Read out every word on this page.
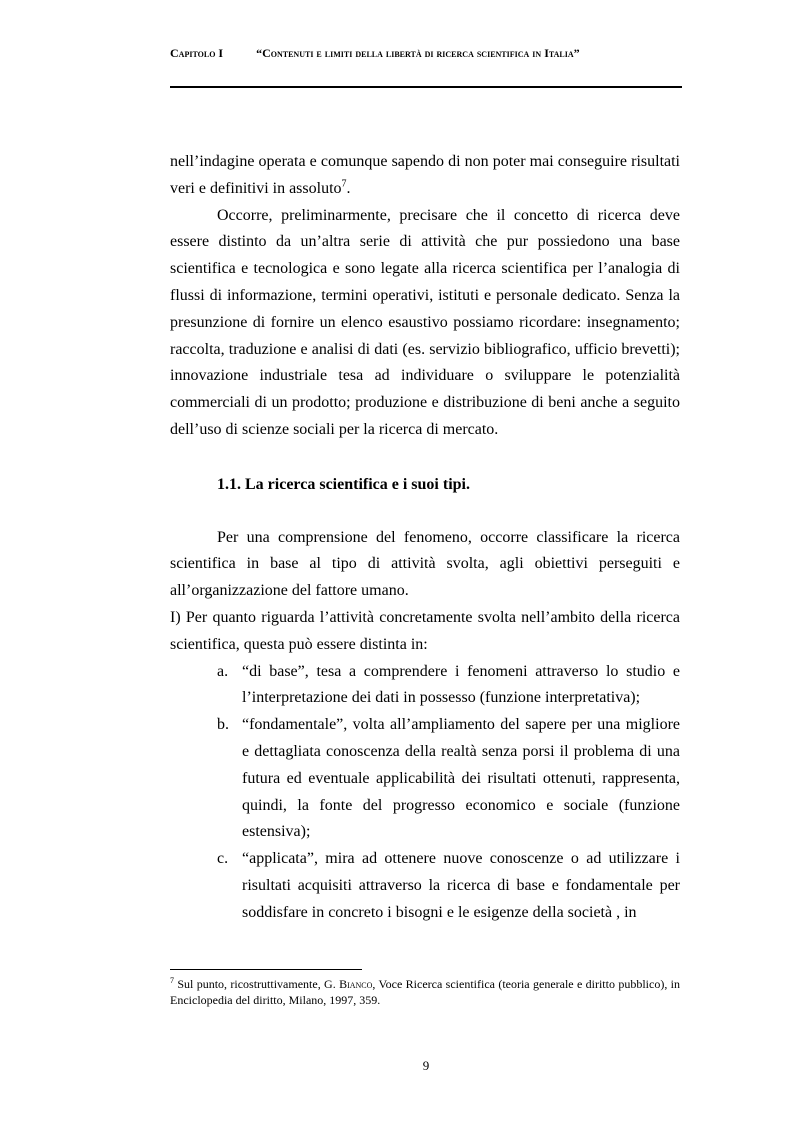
Capitolo I	“Contenuti e limiti della libertà di ricerca scientifica in Italia”

nell’indagine operata e comunque sapendo di non poter mai conseguire risultati veri e definitivi in assoluto$^7$.

Occorre, preliminarmente, precisare che il concetto di ricerca deve essere distinto da un’altra serie di attività che pur possiedono una base scientifica e tecnologica e sono legate alla ricerca scientifica per l’analogia di flussi di informazione, termini operativi, istituti e personale dedicato. Senza la presunzione di fornire un elenco esaustivo possiamo ricordare: insegnamento; raccolta, traduzione e analisi di dati (es. servizio bibliografico, ufficio brevetti); innovazione industriale tesa ad individuare o sviluppare le potenzialità commerciali di un prodotto; produzione e distribuzione di beni anche a seguito dell’uso di scienze sociali per la ricerca di mercato.

1.1. La ricerca scientifica e i suoi tipi.

Per una comprensione del fenomeno, occorre classificare la ricerca scientifica in base al tipo di attività svolta, agli obiettivi perseguiti e all’organizzazione del fattore umano.

I) Per quanto riguarda l’attività concretamente svolta nell’ambito della ricerca scientifica, questa può essere distinta in:

a. “di base”, tesa a comprendere i fenomeni attraverso lo studio e l’interpretazione dei dati in possesso (funzione interpretativa);
b. “fondamentale”, volta all’ampliamento del sapere per una migliore e dettagliata conoscenza della realtà senza porsi il problema di una futura ed eventuale applicabilità dei risultati ottenuti, rappresenta, quindi, la fonte del progresso economico e sociale (funzione estensiva);
c. “applicata”, mira ad ottenere nuove conoscenze o ad utilizzare i risultati acquisiti attraverso la ricerca di base e fondamentale per soddisfare in concreto i bisogni e le esigenze della società , in
$^7$ Sul punto, ricostruttivamente, G. Bianco, Voce Ricerca scientifica (teoria generale e diritto pubblico), in Enciclopedia del diritto, Milano, 1997, 359.
9
